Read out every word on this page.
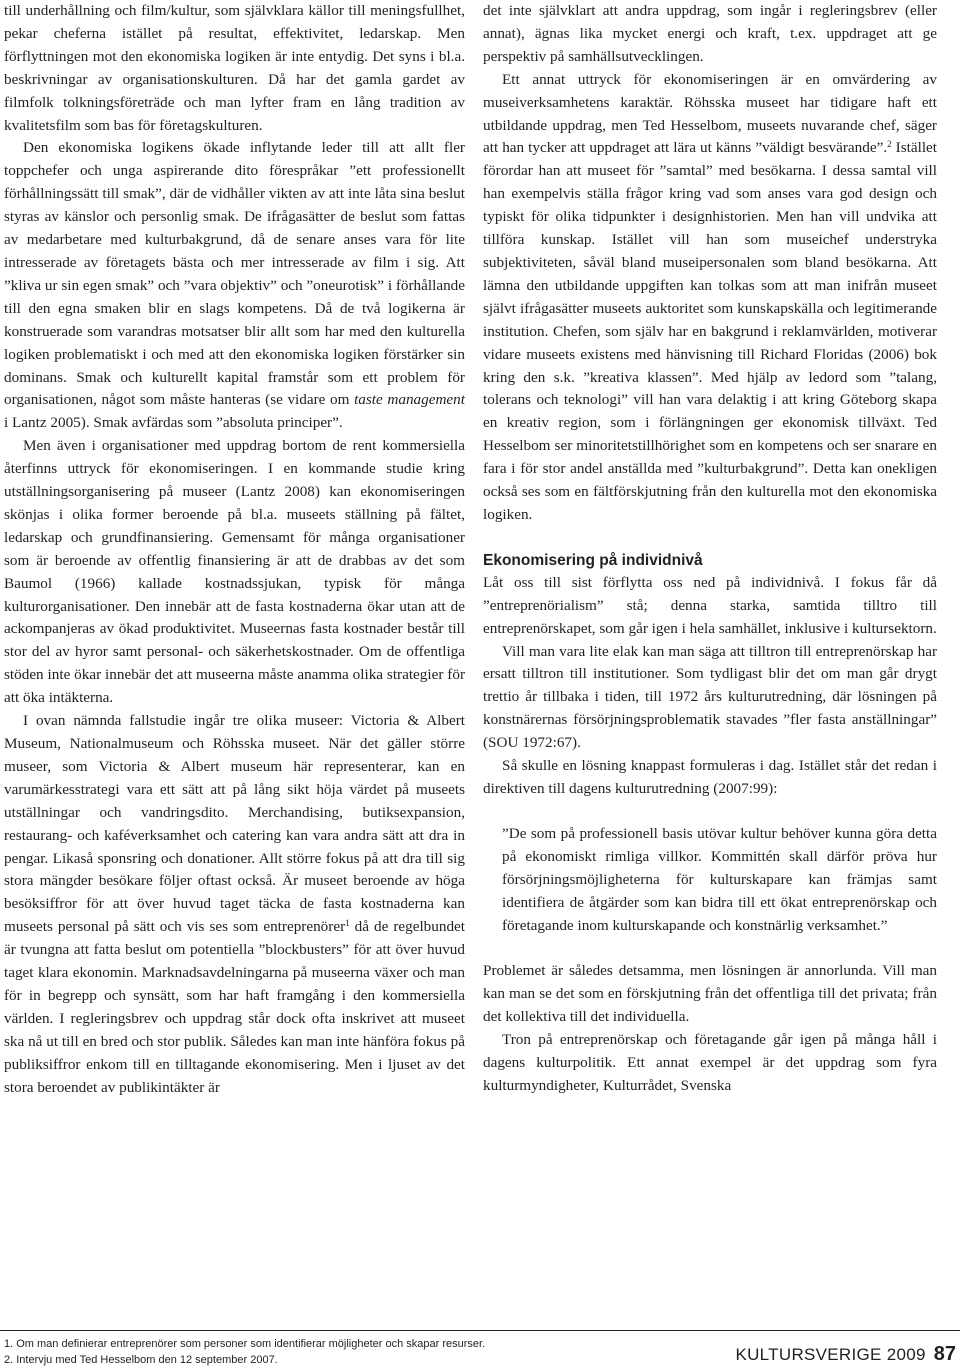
till underhållning och film/kultur, som självklara källor till meningsfullhet, pekar cheferna istället på resultat, effektivitet, ledarskap. Men förflyttningen mot den ekonomiska logiken är inte entydig. Det syns i bl.a. beskrivningar av organisationskulturen. Då har det gamla gardet av filmfolk tolkningsföreträde och man lyfter fram en lång tradition av kvalitetsfilm som bas för företagskulturen.

Den ekonomiska logikens ökade inflytande leder till att allt fler toppchefer och unga aspirerande dito förespråkar ”ett professionellt förhållningssätt till smak”, där de vidhåller vikten av att inte låta sina beslut styras av känslor och personlig smak. De ifrågasätter de beslut som fattas av medarbetare med kulturbakgrund, då de senare anses vara för lite intresserade av företagets bästa och mer intresserade av film i sig. Att ”kliva ur sin egen smak” och ”vara objektiv” och ”oneurotisk” i förhållande till den egna smaken blir en slags kompetens. Då de två logikerna är konstruerade som varandras motsatser blir allt som har med den kulturella logiken problematiskt i och med att den ekonomiska logiken förstärker sin dominans. Smak och kulturellt kapital framstår som ett problem för organisationen, något som måste hanteras (se vidare om taste management i Lantz 2005). Smak avfärdas som ”absoluta principer”.

Men även i organisationer med uppdrag bortom de rent kommersiella återfinns uttryck för ekonomiseringen. I en kommande studie kring utställningsorganisering på museer (Lantz 2008) kan ekonomiseringen skönjas i olika former beroende på bl.a. museets ställning på fältet, ledarskap och grundfinansiering. Gemensamt för många organisationer som är beroende av offentlig finansiering är att de drabbas av det som Baumol (1966) kallade kostnadssjukan, typisk för många kulturorganisationer. Den innebär att de fasta kostnaderna ökar utan att de ackompanjeras av ökad produktivitet. Museernas fasta kostnader består till stor del av hyror samt personal- och säkerhetskostnader. Om de offentliga stöden inte ökar innebär det att museerna måste anamma olika strategier för att öka intäkterna.

I ovan nämnda fallstudie ingår tre olika museer: Victoria & Albert Museum, Nationalmuseum och Röhsska museet. När det gäller större museer, som Victoria & Albert museum här representerar, kan en varumärkesstrategi vara ett sätt att på lång sikt höja värdet på museets utställningar och vandringsdito. Merchandising, butiksexpansion, restaurang- och kaféverksamhet och catering kan vara andra sätt att dra in pengar. Likaså sponsring och donationer. Allt större fokus på att dra till sig stora mängder besökare följer oftast också. Är museet beroende av höga besöksiffror för att över huvud taget täcka de fasta kostnaderna kan museets personal på sätt och vis ses som entreprenörer$^1$ då de regelbundet är tvungna att fatta beslut om potentiella ”blockbusters” för att över huvud taget klara ekonomin. Marknadsavdelningarna på museerna växer och man för in begrepp och synsätt, som har haft framgång i den kommersiella världen. I regleringsbrev och uppdrag står dock ofta inskrivet att museet ska nå ut till en bred och stor publik. Således kan man inte hänföra fokus på publiksiffror enkom till en tilltagande ekonomisering. Men i ljuset av det stora beroendet av publikintäkter är

det inte självklart att andra uppdrag, som ingår i regleringsbrev (eller annat), ägnas lika mycket energi och kraft, t.ex. uppdraget att ge perspektiv på samhällsutvecklingen.

Ett annat uttryck för ekonomiseringen är en omvärdering av museiverksamhetens karaktär. Röhsska museet har tidigare haft ett utbildande uppdrag, men Ted Hesselbom, museets nuvarande chef, säger att han tycker att uppdraget att lära ut känns ”väldigt besvärande”.$^2$ Istället förordar han att museet för ”samtal” med besökarna. I dessa samtal vill han exempelvis ställa frågor kring vad som anses vara god design och typiskt för olika tidpunkter i designhistorien. Men han vill undvika att tillföra kunskap. Istället vill han som museichef understryka subjektiviteten, såväl bland museipersonalen som bland besökarna. Att lämna den utbildande uppgiften kan tolkas som att man inifrån museet självt ifrågasätter museets auktoritet som kunskapskälla och legitimerande institution. Chefen, som själv har en bakgrund i reklamvärlden, motiverar vidare museets existens med hänvisning till Richard Floridas (2006) bok kring den s.k. ”kreativa klassen”. Med hjälp av ledord som ”talang, tolerans och teknologi” vill han vara delaktig i att kring Göteborg skapa en kreativ region, som i förlängningen ger ekonomisk tillväxt. Ted Hesselbom ser minoritetstillhörighet som en kompetens och ser snarare en fara i för stor andel anställda med ”kulturbakgrund”. Detta kan onekligen också ses som en fältförskjutning från den kulturella mot den ekonomiska logiken.

Ekonomisering på individnivå

Låt oss till sist förflytta oss ned på individnivå. I fokus får då ”entreprenörialism” stå; denna starka, samtida tilltro till entreprenörskapet, som går igen i hela samhället, inklusive i kultursektorn.

Vill man vara lite elak kan man säga att tilltron till entreprenörskap har ersatt tilltron till institutioner. Som tydligast blir det om man går drygt trettio år tillbaka i tiden, till 1972 års kulturutredning, där lösningen på konstnärernas försörjningsproblematik stavades ”fler fasta anställningar” (SOU 1972:67).

Så skulle en lösning knappast formuleras i dag. Istället står det redan i direktiven till dagens kulturutredning (2007:99):

”De som på professionell basis utövar kultur behöver kunna göra detta på ekonomiskt rimliga villkor. Kommittén skall därför pröva hur försörjningsmöjligheterna för kulturskapare kan främjas samt identifiera de åtgärder som kan bidra till ett ökat entreprenörskap och företagande inom kulturskapande och konstnärlig verksamhet.”

Problemet är således detsamma, men lösningen är annorlunda. Vill man kan man se det som en förskjutning från det offentliga till det privata; från det kollektiva till det individuella.

Tron på entreprenörskap och företagande går igen på många håll i dagens kulturpolitik. Ett annat exempel är det uppdrag som fyra kulturmyndigheter, Kulturrådet, Svenska

1. Om man definierar entreprenörer som personer som identifierar möjligheter och skapar resurser.
2. Intervju med Ted Hesselbom den 12 september 2007.	KULTURSVERIGE 2009 87
